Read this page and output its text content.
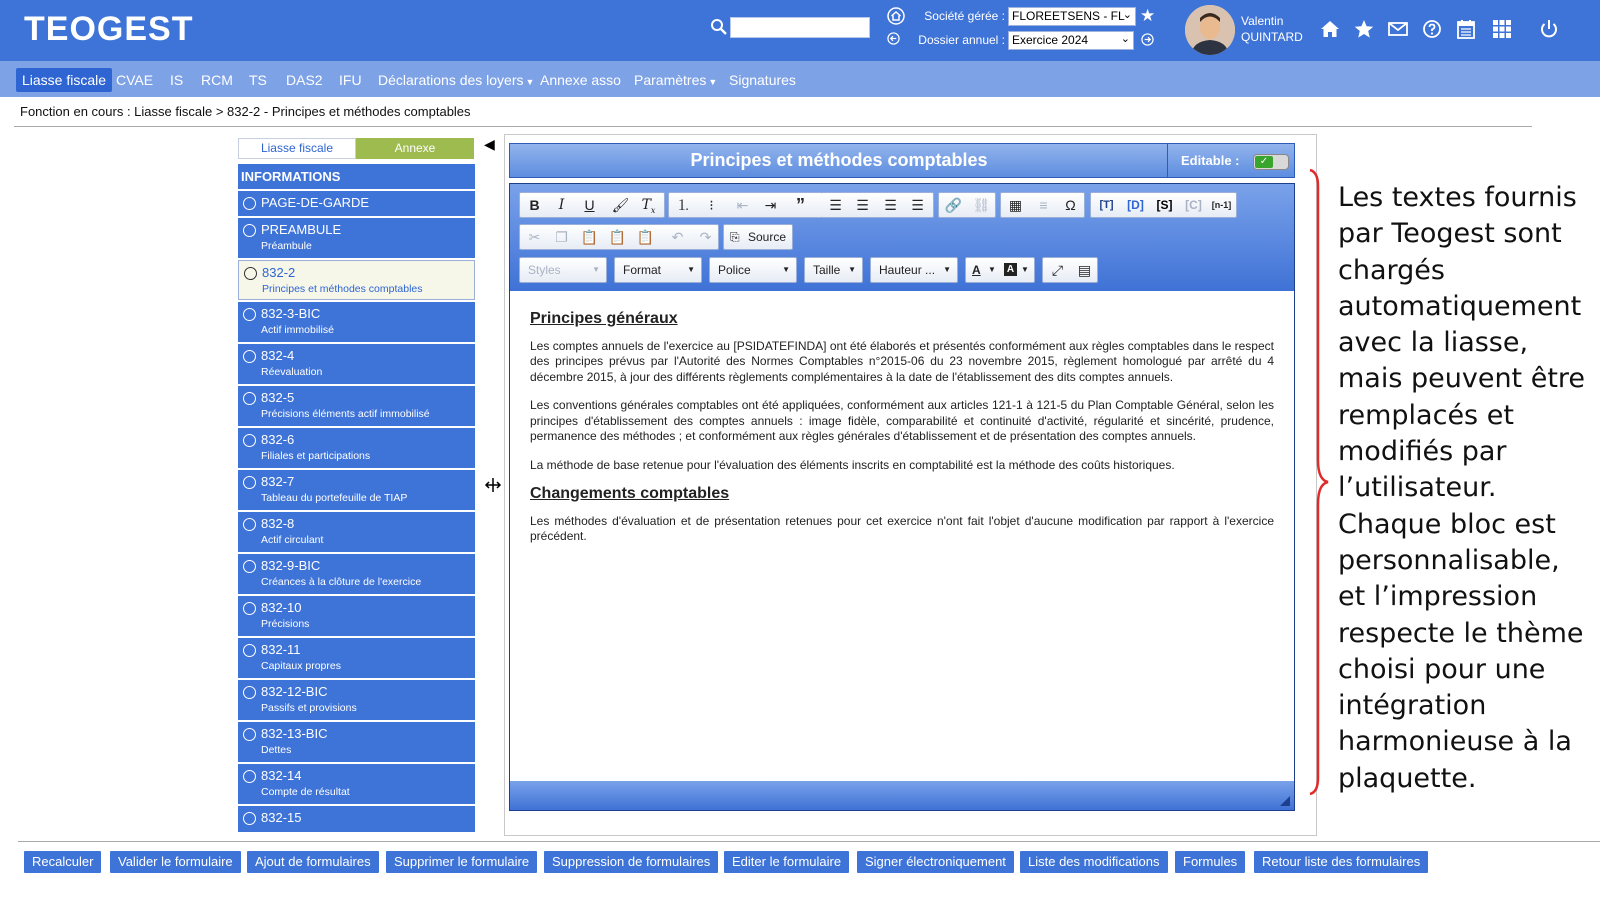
TEOGEST	Société gérée : FLOREETSENS - FL
⌄ ★
Dossier annuel : Exercice 2024	⌄
Valentin
QUINTARD
Liasse fiscale CVAE	IS	RCM	TS	DAS2	IFU	Déclarations des loyers ▼ Annexe asso Paramètres ▼ Signatures
Fonction en cours : Liasse fiscale > 832-2 - Principes et méthodes comptables
Liasse fiscale	Annexe	◀
INFORMATIONS
PAGE-DE-GARDE
PREAMBULE
Préambule
832-2
Principes et méthodes comptables
832-3-BIC
Actif immobilisé
832-4
Réevaluation
832-5
Précisions éléments actif immobilisé
832-6
Filiales et participations
832-7
Tableau du portefeuille de TIAP
832-8
Actif circulant
832-9-BIC
Créances à la clôture de l'exercice
832-10
Précisions
832-11
Capitaux propres
832-12-BIC
Passifs et provisions
832-13-BIC
Dettes
832-14
Compte de résultat
832-15
Principes et méthodes comptables	Editable :	✓
B	I	U	🖌 $T_x$	⒈	⁝	⇤	⇥	”	☰	☰	☰	☰	🔗 ⛓	▦	≡	Ω	[T]	[D]	[S]	[C]	[n-1]
✂	❐ 📋 📋 📋	↶	↷	⎘ Source
Styles	▼	Format	▼	Police	▼	Taille ▼	Hauteur ... ▼ A ▼ A ▼	⤢	▤
Principes généraux

Les comptes annuels de l'exercice au [PSIDATEFINDA] ont été élaborés et présentés conformément aux règles comptables dans le respect des principes prévus par l'Autorité des Normes Comptables n°2015-06 du 23 novembre 2015, règlement homologué par arrêté du 4 décembre 2015, à jour des différents règlements complémentaires à la date de l'établissement des dits comptes annuels.

Les conventions générales comptables ont été appliquées, conformément aux articles 121-1 à 121-5 du Plan Comptable Général, selon les principes d'établissement des comptes annuels : image fidèle, comparabilité et continuité d'activité, régularité et sincérité, prudence, permanence des méthodes ; et conformément aux règles générales d'établissement et de présentation des comptes annuels.

La méthode de base retenue pour l'évaluation des éléments inscrits en comptabilité est la méthode des coûts historiques.

Changements comptables

Les méthodes d'évaluation et de présentation retenues pour cet exercice n'ont fait l'objet d'aucune modification par rapport à l'exercice précédent.

Les textes fournis par Teogest sont chargés automatiquement avec la liasse, mais peuvent être remplacés et modifiés par l’utilisateur. Chaque bloc est personnalisable, et l’impression respecte le thème choisi pour une intégration harmonieuse à la plaquette.
Recalculer	Valider le formulaire	Ajout de formulaires	Supprimer le formulaire	Suppression de formulaires	Editer le formulaire	Signer électroniquement	Liste des modifications	Formules	Retour liste des formulaires
